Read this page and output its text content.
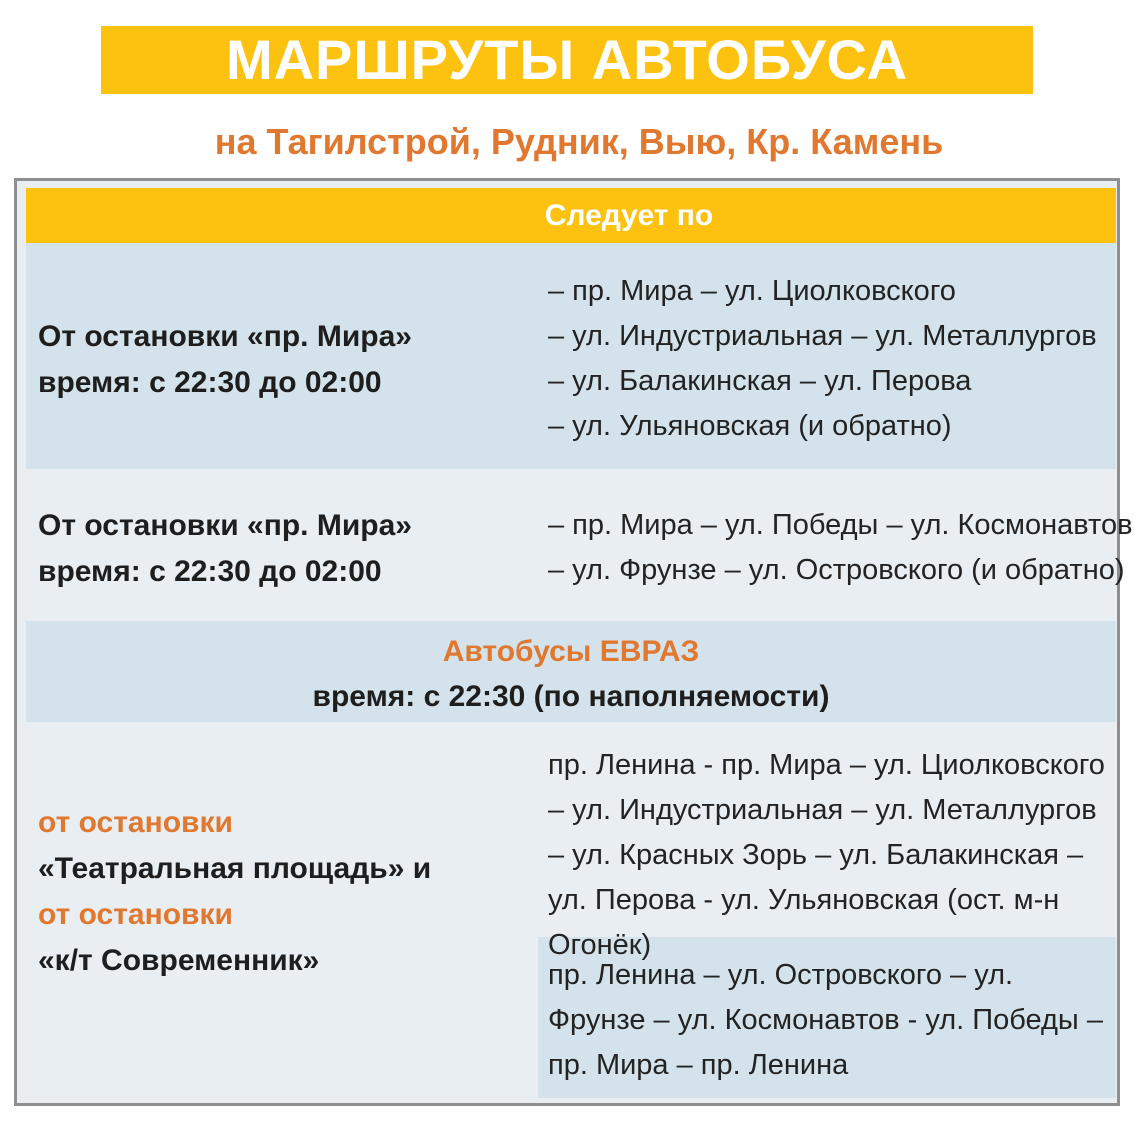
МАРШРУТЫ АВТОБУСА
на Тагилстрой, Рудник, Выю, Кр. Камень
Следует по
От остановки «пр. Мира»
время: с 22:30 до 02:00
– пр. Мира – ул. Циолковского
– ул. Индустриальная – ул. Металлургов
– ул. Балакинская – ул. Перова
– ул. Ульяновская (и обратно)
От остановки «пр. Мира»
время: с 22:30 до 02:00
– пр. Мира – ул. Победы – ул. Космонавтов
– ул. Фрунзе – ул. Островского (и обратно)
Автобусы ЕВРАЗ
время: с 22:30 (по наполняемости)
от остановки
«Театральная площадь» и
от остановки
«к/т Современник»

пр. Ленина - пр. Мира – ул. Циолковского – ул. Индустриальная – ул. Металлургов – ул. Красных Зорь – ул. Балакинская – ул. Перова - ул. Ульяновская (ост. м-н Огонёк)

пр. Ленина – ул. Островского – ул. Фрунзе – ул. Космонавтов - ул. Победы – пр. Мира – пр. Ленина
